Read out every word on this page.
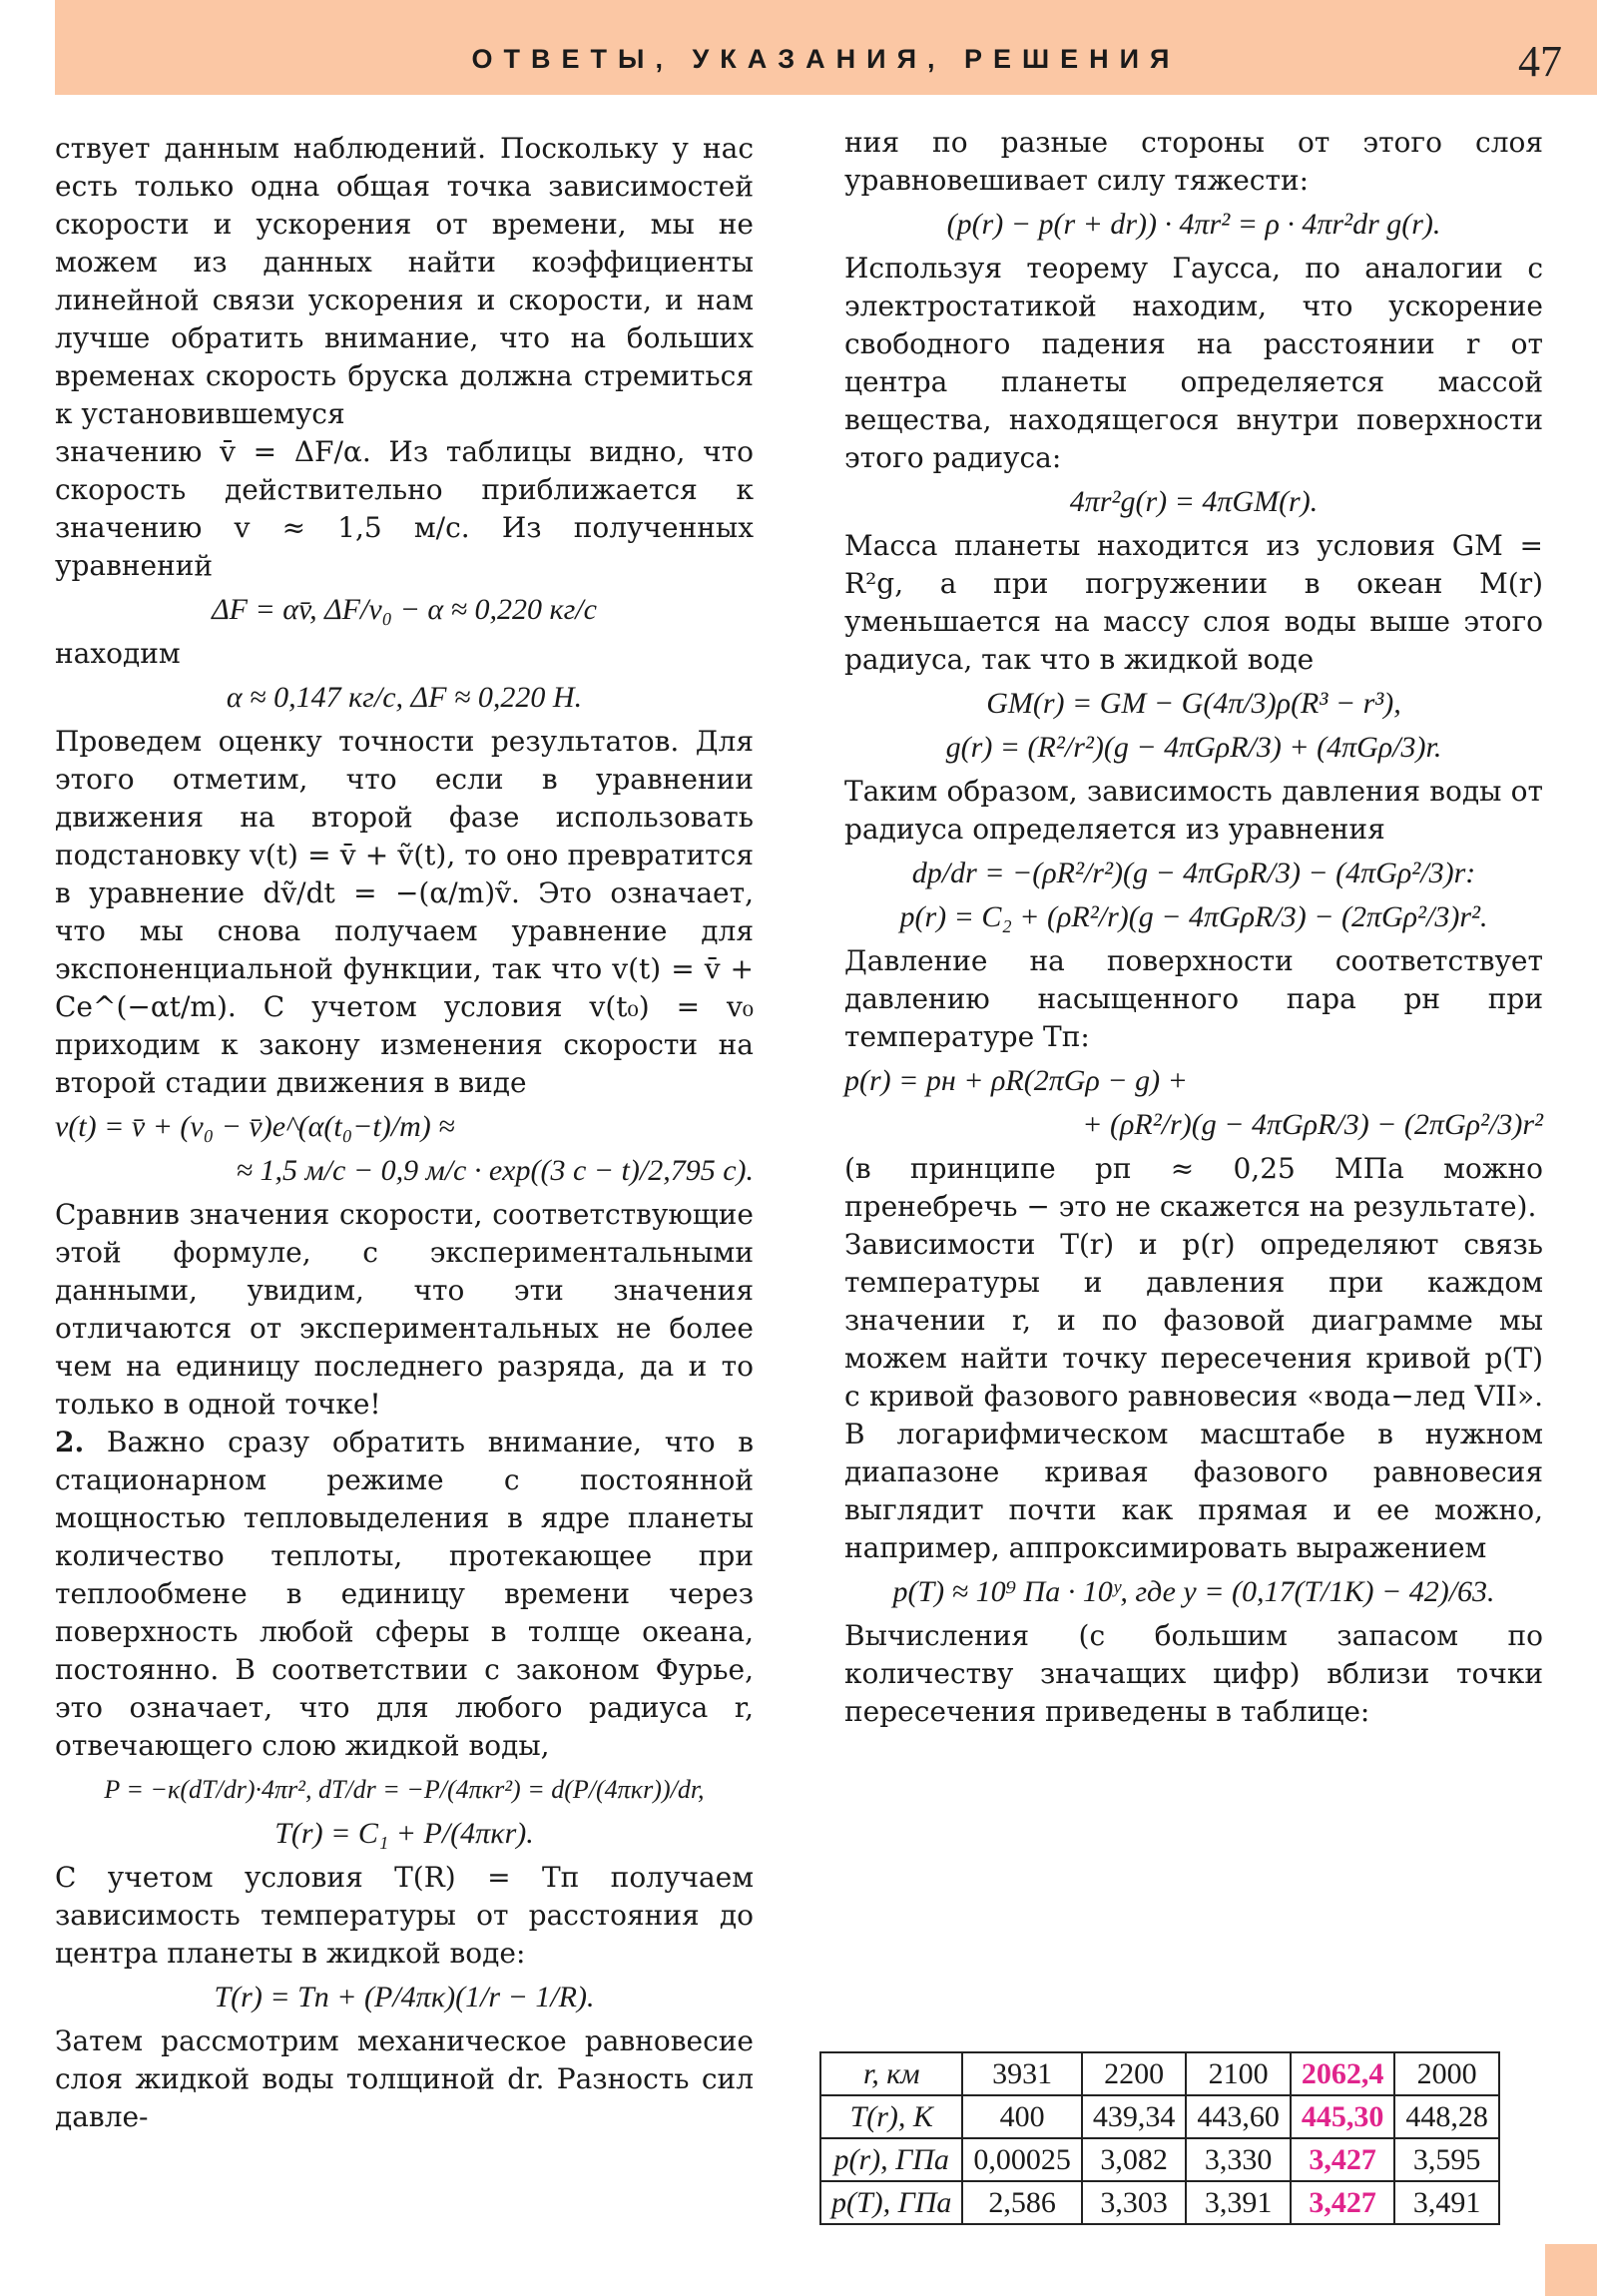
ОТВЕТЫ, УКАЗАНИЯ, РЕШЕНИЯ	47

ствует данным наблюдений. Поскольку у нас есть только одна общая точка зависимостей скорости и ускорения от времени, мы не можем из данных найти коэффициенты линейной связи ускорения и скорости, и нам лучше обратить внимание, что на больших временах скорость бруска должна стремиться к установившемуся

значению v̄ = ΔF/α. Из таблицы видно, что скорость действительно приближается к значению v ≈ 1,5 м/с. Из полученных уравнений

ΔF = αv̄, ΔF/v₀ − α ≈ 0,220 кг/с

находим

α ≈ 0,147 кг/с, ΔF ≈ 0,220 Н.

Проведем оценку точности результатов. Для этого отметим, что если в уравнении движения на второй фазе использовать подстановку v(t) = v̄ + ṽ(t), то оно превратится в уравнение dṽ/dt = −(α/m)ṽ. Это означает, что мы снова получаем уравнение для экспоненциальной функции, так что v(t) = v̄ + Ce^(−αt/m). С учетом условия v(t₀) = v₀ приходим к закону изменения скорости на второй стадии движения в виде

v(t) = v̄ + (v₀ − v̄)e^(α(t₀−t)/m) ≈
≈ 1,5 м/с − 0,9 м/с · exp((3 с − t)/2,795 с).

Сравнив значения скорости, соответствующие этой формуле, с экспериментальными данными, увидим, что эти значения отличаются от экспериментальных не более чем на единицу последнего разряда, да и то только в одной точке!

2. Важно сразу обратить внимание, что в стационарном режиме с постоянной мощностью тепловыделения в ядре планеты количество теплоты, протекающее при теплообмене в единицу времени через поверхность любой сферы в толще океана, постоянно. В соответствии с законом Фурье, это означает, что для любого радиуса r, отвечающего слою жидкой воды,

P = −κ(dT/dr)·4πr², dT/dr = −P/(4πκr²) = d(P/(4πκr))/dr,
T(r) = C₁ + P/(4πκr).

С учетом условия T(R) = Tп получаем зависимость температуры от расстояния до центра планеты в жидкой воде:

T(r) = Tп + (P/4πκ)(1/r − 1/R).

Затем рассмотрим механическое равновесие слоя жидкой воды толщиной dr. Разность сил давле-

ния по разные стороны от этого слоя уравновешивает силу тяжести:

(p(r) − p(r + dr)) · 4πr² = ρ · 4πr²dr g(r).

Используя теорему Гаусса, по аналогии с электростатикой находим, что ускорение свободного падения на расстоянии r от центра планеты определяется массой вещества, находящегося внутри поверхности этого радиуса:

4πr²g(r) = 4πGM(r).

Масса планеты находится из условия GM = R²g, а при погружении в океан M(r) уменьшается на массу слоя воды выше этого радиуса, так что в жидкой воде

GM(r) = GM − G(4π/3)ρ(R³ − r³),
g(r) = (R²/r²)(g − 4πGρR/3) + (4πGρ/3)r.

Таким образом, зависимость давления воды от радиуса определяется из уравнения

dp/dr = −(ρR²/r²)(g − 4πGρR/3) − (4πGρ²/3)r:
p(r) = C₂ + (ρR²/r)(g − 4πGρR/3) − (2πGρ²/3)r².

Давление на поверхности соответствует давлению насыщенного пара pн при температуре Tп:

p(r) = pн + ρR(2πGρ − g) +
+ (ρR²/r)(g − 4πGρR/3) − (2πGρ²/3)r²

(в принципе pп ≈ 0,25 МПа можно пренебречь − это не скажется на результате).

Зависимости T(r) и p(r) определяют связь температуры и давления при каждом значении r, и по фазовой диаграмме мы можем найти точку пересечения кривой p(T) с кривой фазового равновесия «вода−лед VII». В логарифмическом масштабе в нужном диапазоне кривая фазового равновесия выглядит почти как прямая и ее можно, например, аппроксимировать выражением

p(T) ≈ 10⁹ Па · 10ʸ, где y = (0,17(T/1K) − 42)/63.

Вычисления (с большим запасом по количеству значащих цифр) вблизи точки пересечения приведены в таблице:

r, км	3931	2200	2100	2062,4	2000
T(r), К	400	439,34	443,60	445,30	448,28
p(r), ГПа	0,00025	3,082	3,330	3,427	3,595
p(T), ГПа	2,586	3,303	3,391	3,427	3,491
